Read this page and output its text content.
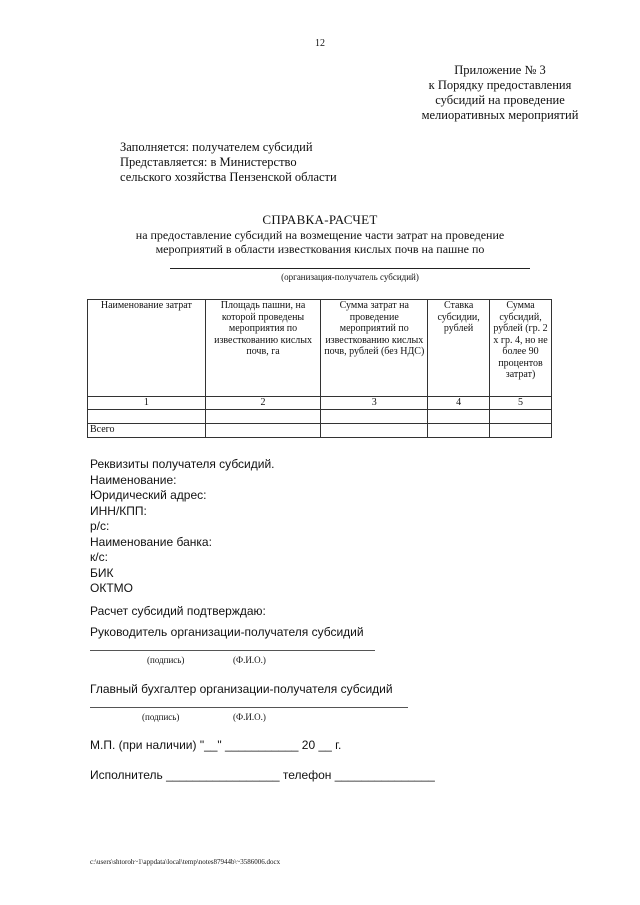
12
Приложение № 3
к Порядку предоставления
субсидий на проведение
мелиоративных мероприятий
Заполняется: получателем субсидий
Представляется: в Министерство
сельского хозяйства Пензенской области
СПРАВКА-РАСЧЕТ
на предоставление субсидий на возмещение части затрат на проведение
мероприятий в области известкования кислых почв на пашне по
(организация-получатель субсидий)
Наименование затрат	Площадь пашни, на которой проведены мероприятия по известкованию кислых почв, га	Сумма затрат на проведение мероприятий по известкованию кислых почв, рублей (без НДС)	Ставка субсидии, рублей	Сумма субсидий, рублей (гр. 2 x гр. 4, но не более 90 процентов затрат)
1	2	3	4	5

Всего				
Реквизиты получателя субсидий.
Наименование:
Юридический адрес:
ИНН/КПП:
р/с:
Наименование банка:
к/с:
БИК
ОКТМО
Расчет субсидий подтверждаю:
Руководитель организации-получателя субсидий
(подпись)	(Ф.И.О.)
Главный бухгалтер организации-получателя субсидий
(подпись)	(Ф.И.О.)
М.П. (при наличии) "__" ___________ 20 __ г.
Исполнитель _________________ телефон _______________
c:\users\shtoroh~1\appdata\local\temp\notes87944b\~3586006.docx
